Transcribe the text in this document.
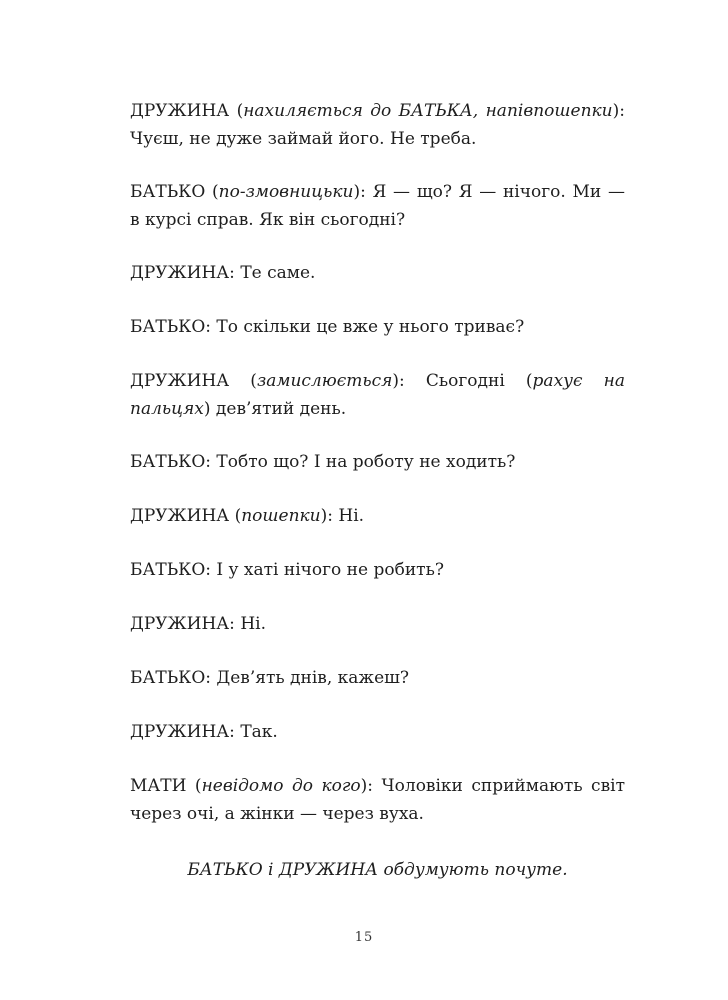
ДРУЖИНА (нахиляється до БАТЬКА, напівпошепки): Чуєш, не дуже займай його. Не треба.

БАТЬКО (по-змовницьки): Я — що? Я — нічого. Ми — в курсі справ. Як він сьогодні?

ДРУЖИНА: Те саме.

БАТЬКО: То скільки це вже у нього триває?

ДРУЖИНА (замислюється): Сьогодні (рахує на пальцях) дев’ятий день.

БАТЬКО: Тобто що? І на роботу не ходить?

ДРУЖИНА (пошепки): Ні.

БАТЬКО: І у хаті нічого не робить?

ДРУЖИНА: Ні.

БАТЬКО: Дев’ять днів, кажеш?

ДРУЖИНА: Так.

МАТИ (невідомо до кого): Чоловіки сприймають світ через очі, а жінки — через вуха.

БАТЬКО і ДРУЖИНА обдумують почуте.

15
